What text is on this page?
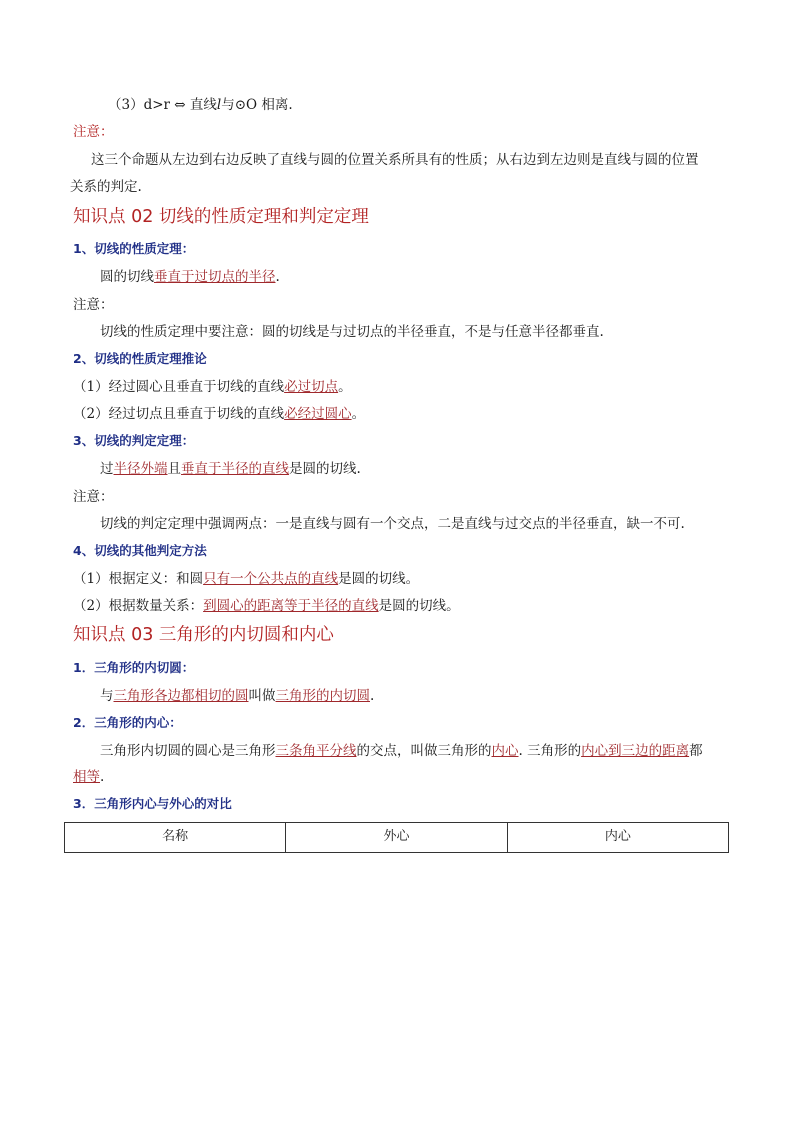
（3）d>r ⇔ 直线l与⊙O 相离.
注意：
这三个命题从左边到右边反映了直线与圆的位置关系所具有的性质；从右边到左边则是直线与圆的位置
关系的判定.
知识点 02 切线的性质定理和判定定理
1、切线的性质定理：
圆的切线垂直于过切点的半径.
注意：
切线的性质定理中要注意：圆的切线是与过切点的半径垂直，不是与任意半径都垂直.
2、切线的性质定理推论
（1）经过圆心且垂直于切线的直线必过切点。
（2）经过切点且垂直于切线的直线必经过圆心。
3、切线的判定定理：
过半径外端且垂直于半径的直线是圆的切线.
注意：
切线的判定定理中强调两点：一是直线与圆有一个交点，二是直线与过交点的半径垂直，缺一不可.
4、切线的其他判定方法
（1）根据定义：和圆只有一个公共点的直线是圆的切线。
（2）根据数量关系：到圆心的距离等于半径的直线是圆的切线。
知识点 03 三角形的内切圆和内心
1．三角形的内切圆：
与三角形各边都相切的圆叫做三角形的内切圆.
2．三角形的内心：
三角形内切圆的圆心是三角形三条角平分线的交点，叫做三角形的内心. 三角形的内心到三边的距离都
相等.
3．三角形内心与外心的对比
名称	外心	内心
